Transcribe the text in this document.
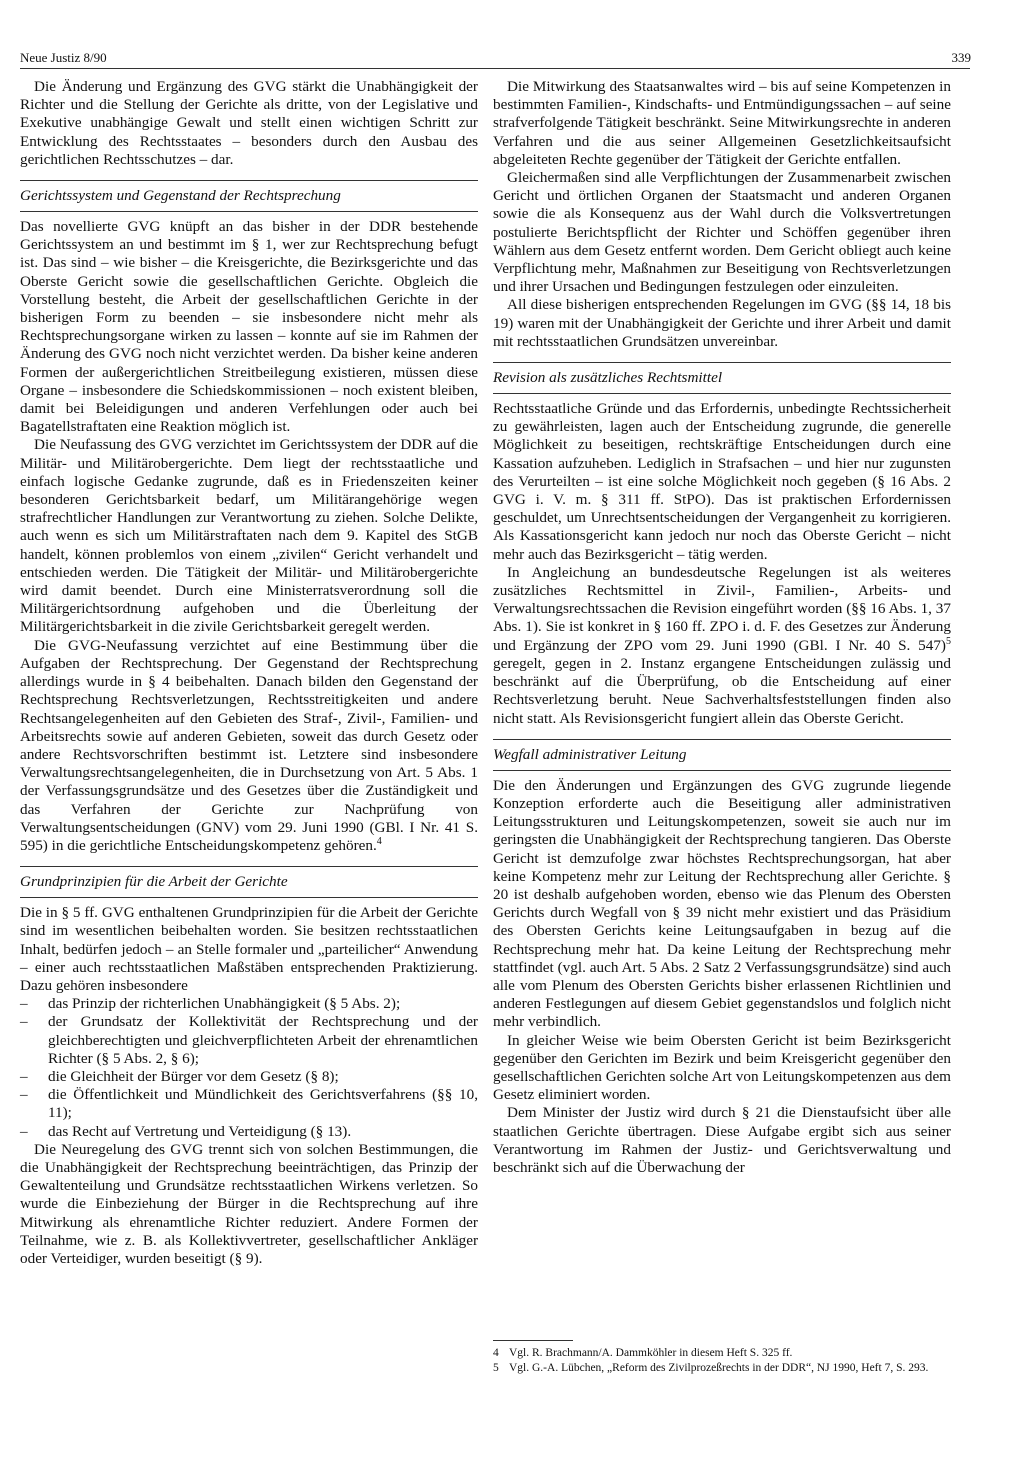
Neue Justiz 8/90	339

Die Änderung und Ergänzung des GVG stärkt die Unabhängigkeit der Richter und die Stellung der Gerichte als dritte, von der Legislative und Exekutive unabhängige Gewalt und stellt einen wichtigen Schritt zur Entwicklung des Rechtsstaates – besonders durch den Ausbau des gerichtlichen Rechtsschutzes – dar.

Gerichtssystem und Gegenstand der Rechtsprechung

Das novellierte GVG knüpft an das bisher in der DDR bestehende Gerichtssystem an und bestimmt im § 1, wer zur Rechtsprechung befugt ist. Das sind – wie bisher – die Kreisgerichte, die Bezirksgerichte und das Oberste Gericht sowie die gesellschaftlichen Gerichte. Obgleich die Vorstellung besteht, die Arbeit der gesellschaftlichen Gerichte in der bisherigen Form zu beenden – sie insbesondere nicht mehr als Rechtsprechungsorgane wirken zu lassen – konnte auf sie im Rahmen der Änderung des GVG noch nicht verzichtet werden. Da bisher keine anderen Formen der außergerichtlichen Streitbeilegung existieren, müssen diese Organe – insbesondere die Schiedskommissionen – noch existent bleiben, damit bei Beleidigungen und anderen Verfehlungen oder auch bei Bagatellstraftaten eine Reaktion möglich ist.

Die Neufassung des GVG verzichtet im Gerichtssystem der DDR auf die Militär- und Militärobergerichte. Dem liegt der rechtsstaatliche und einfach logische Gedanke zugrunde, daß es in Friedenszeiten keiner besonderen Gerichtsbarkeit bedarf, um Militärangehörige wegen strafrechtlicher Handlungen zur Verantwortung zu ziehen. Solche Delikte, auch wenn es sich um Militärstraftaten nach dem 9. Kapitel des StGB handelt, können problemlos von einem „zivilen“ Gericht verhandelt und entschieden werden. Die Tätigkeit der Militär- und Militärobergerichte wird damit beendet. Durch eine Ministerratsverordnung soll die Militärgerichtsordnung aufgehoben und die Überleitung der Militärgerichtsbarkeit in die zivile Gerichtsbarkeit geregelt werden.

Die GVG-Neufassung verzichtet auf eine Bestimmung über die Aufgaben der Rechtsprechung. Der Gegenstand der Rechtsprechung allerdings wurde in § 4 beibehalten. Danach bilden den Gegenstand der Rechtsprechung Rechtsverletzungen, Rechtsstreitigkeiten und andere Rechtsangelegenheiten auf den Gebieten des Straf-, Zivil-, Familien- und Arbeitsrechts sowie auf anderen Gebieten, soweit das durch Gesetz oder andere Rechtsvorschriften bestimmt ist. Letztere sind insbesondere Verwaltungsrechtsangelegenheiten, die in Durchsetzung von Art. 5 Abs. 1 der Verfassungsgrundsätze und des Gesetzes über die Zuständigkeit und das Verfahren der Gerichte zur Nachprüfung von Verwaltungsentscheidungen (GNV) vom 29. Juni 1990 (GBl. I Nr. 41 S. 595) in die gerichtliche Entscheidungskompetenz gehören.$^4$

Grundprinzipien für die Arbeit der Gerichte

Die in § 5 ff. GVG enthaltenen Grundprinzipien für die Arbeit der Gerichte sind im wesentlichen beibehalten worden. Sie besitzen rechtsstaatlichen Inhalt, bedürfen jedoch – an Stelle formaler und „parteilicher“ Anwendung – einer auch rechtsstaatlichen Maßstäben entsprechenden Praktizierung. Dazu gehören insbesondere

– das Prinzip der richterlichen Unabhängigkeit (§ 5 Abs. 2);
– der Grundsatz der Kollektivität der Rechtsprechung und der gleichberechtigten und gleichverpflichteten Arbeit der ehrenamtlichen Richter (§ 5 Abs. 2, § 6);
– die Gleichheit der Bürger vor dem Gesetz (§ 8);
– die Öffentlichkeit und Mündlichkeit des Gerichtsverfahrens (§§ 10, 11);
– das Recht auf Vertretung und Verteidigung (§ 13).

Die Neuregelung des GVG trennt sich von solchen Bestimmungen, die die Unabhängigkeit der Rechtsprechung beeinträchtigen, das Prinzip der Gewaltenteilung und Grundsätze rechtsstaatlichen Wirkens verletzen. So wurde die Einbeziehung der Bürger in die Rechtsprechung auf ihre Mitwirkung als ehrenamtliche Richter reduziert. Andere Formen der Teilnahme, wie z. B. als Kollektivvertreter, gesellschaftlicher Ankläger oder Verteidiger, wurden beseitigt (§ 9).

Die Mitwirkung des Staatsanwaltes wird – bis auf seine Kompetenzen in bestimmten Familien-, Kindschafts- und Entmündigungssachen – auf seine strafverfolgende Tätigkeit beschränkt. Seine Mitwirkungsrechte in anderen Verfahren und die aus seiner Allgemeinen Gesetzlichkeitsaufsicht abgeleiteten Rechte gegenüber der Tätigkeit der Gerichte entfallen.

Gleichermaßen sind alle Verpflichtungen der Zusammenarbeit zwischen Gericht und örtlichen Organen der Staatsmacht und anderen Organen sowie die als Konsequenz aus der Wahl durch die Volksvertretungen postulierte Berichtspflicht der Richter und Schöffen gegenüber ihren Wählern aus dem Gesetz entfernt worden. Dem Gericht obliegt auch keine Verpflichtung mehr, Maßnahmen zur Beseitigung von Rechtsverletzungen und ihrer Ursachen und Bedingungen festzulegen oder einzuleiten.

All diese bisherigen entsprechenden Regelungen im GVG (§§ 14, 18 bis 19) waren mit der Unabhängigkeit der Gerichte und ihrer Arbeit und damit mit rechtsstaatlichen Grundsätzen unvereinbar.

Revision als zusätzliches Rechtsmittel

Rechtsstaatliche Gründe und das Erfordernis, unbedingte Rechtssicherheit zu gewährleisten, lagen auch der Entscheidung zugrunde, die generelle Möglichkeit zu beseitigen, rechtskräftige Entscheidungen durch eine Kassation aufzuheben. Lediglich in Strafsachen – und hier nur zugunsten des Verurteilten – ist eine solche Möglichkeit noch gegeben (§ 16 Abs. 2 GVG i. V. m. § 311 ff. StPO). Das ist praktischen Erfordernissen geschuldet, um Unrechtsentscheidungen der Vergangenheit zu korrigieren. Als Kassationsgericht kann jedoch nur noch das Oberste Gericht – nicht mehr auch das Bezirksgericht – tätig werden.

In Angleichung an bundesdeutsche Regelungen ist als weiteres zusätzliches Rechtsmittel in Zivil-, Familien-, Arbeits- und Verwaltungsrechtssachen die Revision eingeführt worden (§§ 16 Abs. 1, 37 Abs. 1). Sie ist konkret in § 160 ff. ZPO i. d. F. des Gesetzes zur Änderung und Ergänzung der ZPO vom 29. Juni 1990 (GBl. I Nr. 40 S. 547)$^5$ geregelt, gegen in 2. Instanz ergangene Entscheidungen zulässig und beschränkt auf die Überprüfung, ob die Entscheidung auf einer Rechtsverletzung beruht. Neue Sachverhaltsfeststellungen finden also nicht statt. Als Revisionsgericht fungiert allein das Oberste Gericht.

Wegfall administrativer Leitung

Die den Änderungen und Ergänzungen des GVG zugrunde liegende Konzeption erforderte auch die Beseitigung aller administrativen Leitungsstrukturen und Leitungskompetenzen, soweit sie auch nur im geringsten die Unabhängigkeit der Rechtsprechung tangieren. Das Oberste Gericht ist demzufolge zwar höchstes Rechtsprechungsorgan, hat aber keine Kompetenz mehr zur Leitung der Rechtsprechung aller Gerichte. § 20 ist deshalb aufgehoben worden, ebenso wie das Plenum des Obersten Gerichts durch Wegfall von § 39 nicht mehr existiert und das Präsidium des Obersten Gerichts keine Leitungsaufgaben in bezug auf die Rechtsprechung mehr hat. Da keine Leitung der Rechtsprechung mehr stattfindet (vgl. auch Art. 5 Abs. 2 Satz 2 Verfassungsgrundsätze) sind auch alle vom Plenum des Obersten Gerichts bisher erlassenen Richtlinien und anderen Festlegungen auf diesem Gebiet gegenstandslos und folglich nicht mehr verbindlich.

In gleicher Weise wie beim Obersten Gericht ist beim Bezirksgericht gegenüber den Gerichten im Bezirk und beim Kreisgericht gegenüber den gesellschaftlichen Gerichten solche Art von Leitungskompetenzen aus dem Gesetz eliminiert worden.

Dem Minister der Justiz wird durch § 21 die Dienstaufsicht über alle staatlichen Gerichte übertragen. Diese Aufgabe ergibt sich aus seiner Verantwortung im Rahmen der Justiz- und Gerichtsverwaltung und beschränkt sich auf die Überwachung der

4 Vgl. R. Brachmann/A. Dammköhler in diesem Heft S. 325 ff.
5 Vgl. G.-A. Lübchen, „Reform des Zivilprozeßrechts in der DDR“, NJ 1990, Heft 7, S. 293.
